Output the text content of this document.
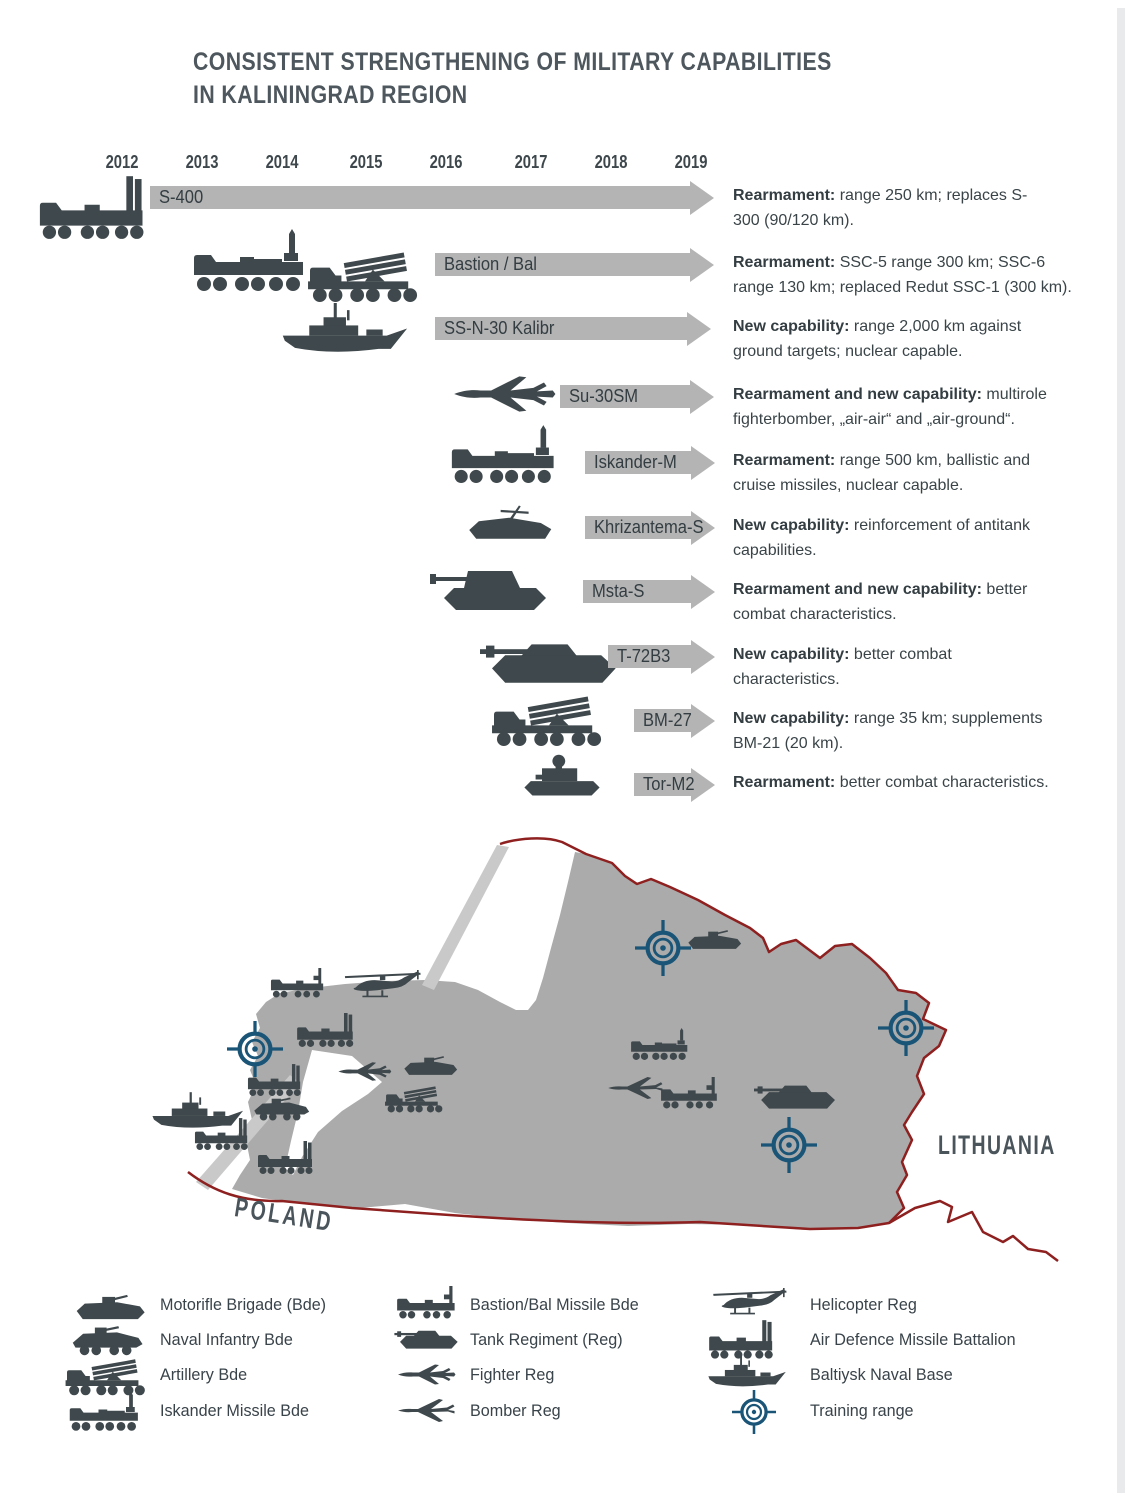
CONSISTENT STRENGTHENING OF MILITARY CAPABILITIES
IN KALININGRAD REGION
2012	2013	2014	2015	2016	2017	2018	2019
S-400	Rearmament: range 250 km; replaces S-300 (90/120 km).
Bastion / Bal	Rearmament: SSC-5 range 300 km; SSC-6 range 130 km; replaced Redut SSC-1 (300 km).
SS-N-30 Kalibr	New capability: range 2,000 km against ground targets; nuclear capable.
Su-30SM	Rearmament and new capability: multirole fighterbomber, „air-air“ and „air-ground“.
Iskander-M	Rearmament: range 500 km, ballistic and cruise missiles, nuclear capable.
Khrizantema-S New capability: reinforcement of antitank capabilities.
Msta-S	Rearmament and new capability: better combat characteristics.
T-72B3	New capability: better combat characteristics.
BM-27	New capability: range 35 km; supplements BM-21 (20 km).
Tor-M2 Rearmament: better combat characteristics.
POLAND
LITHUANIA
Motorifle Brigade (Bde)
Naval Infantry Bde
Artillery Bde
Iskander Missile Bde
Bastion/Bal Missile Bde
Tank Regiment (Reg)
Fighter Reg
Bomber Reg
Helicopter Reg
Air Defence Missile Battalion
Baltiysk Naval Base
Training range
